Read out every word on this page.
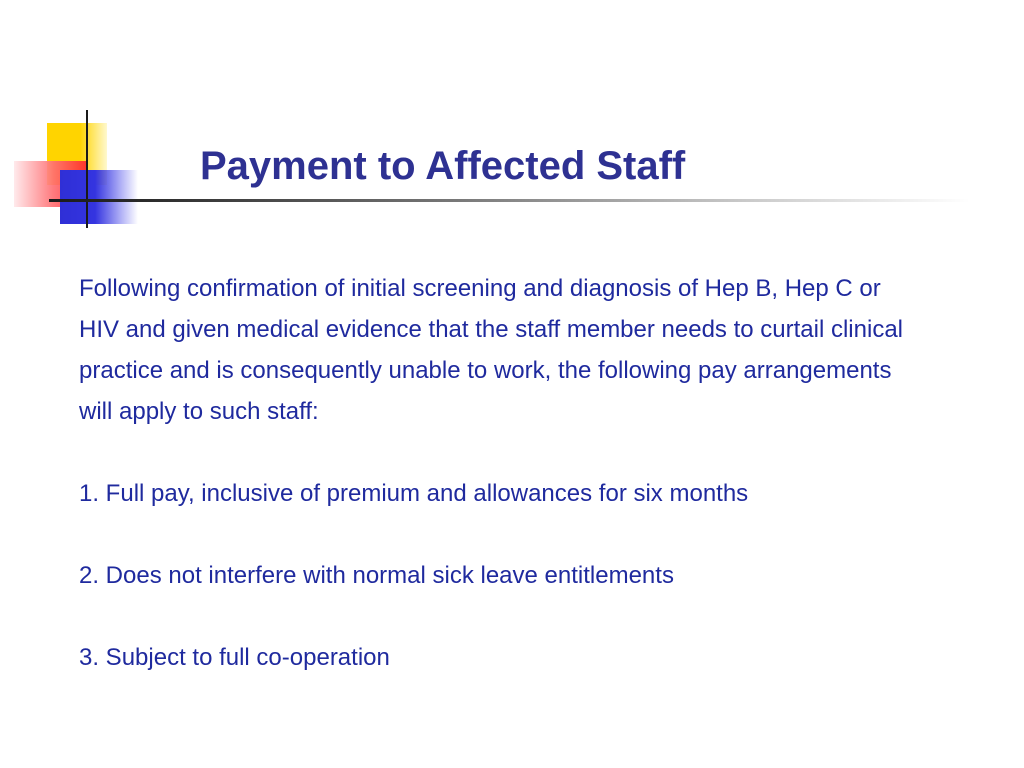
Payment to Affected Staff

Following confirmation of initial screening and diagnosis of Hep B, Hep C or HIV and given medical evidence that the staff member needs to curtail clinical practice and is consequently unable to work, the following pay arrangements will apply to such staff:

1. Full pay, inclusive of premium and allowances for six months

2. Does not interfere with normal sick leave entitlements

3. Subject to full co-operation
